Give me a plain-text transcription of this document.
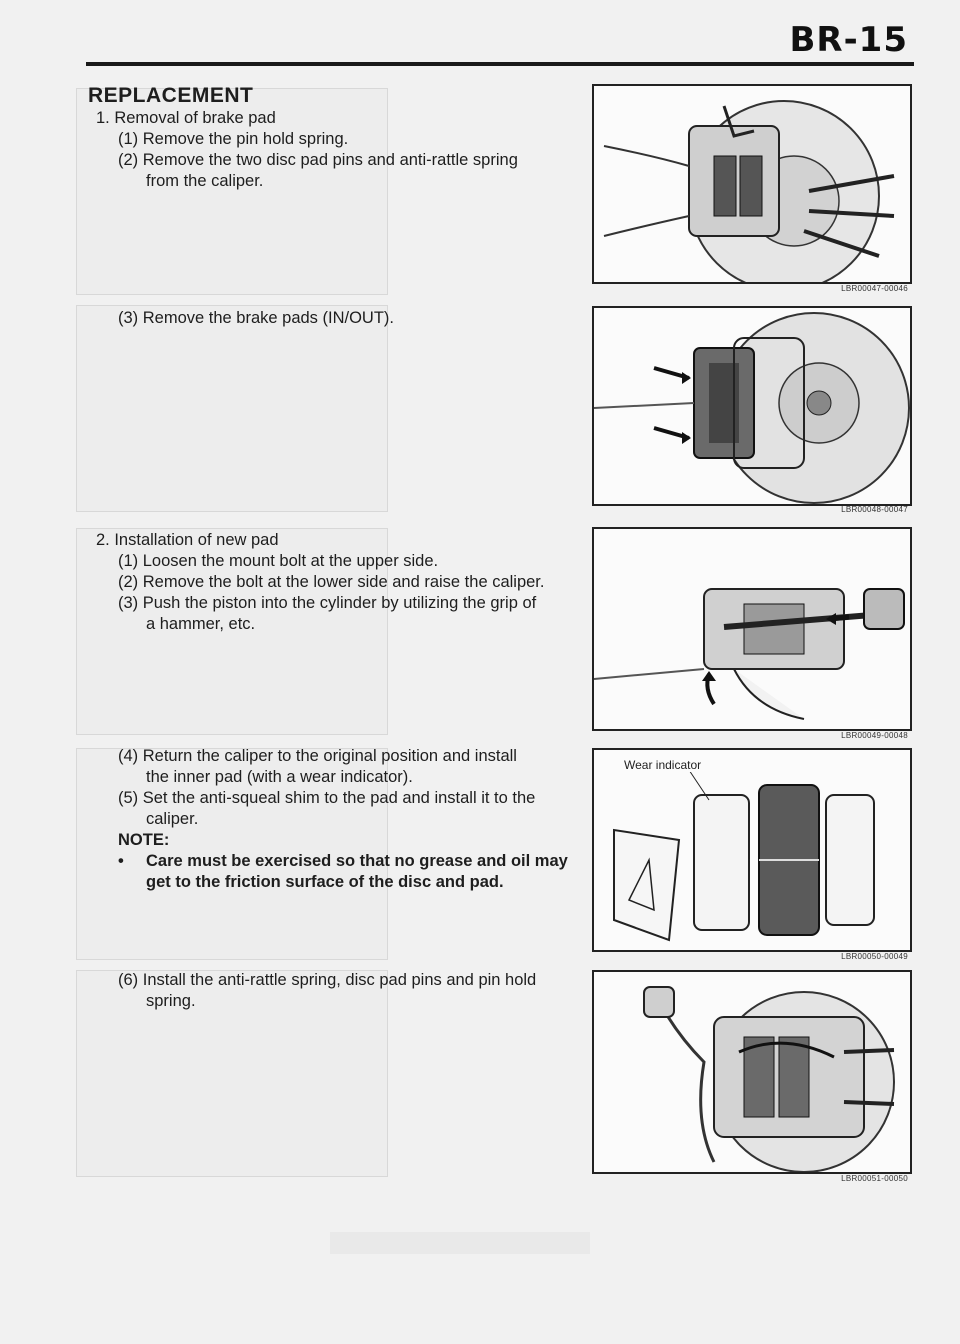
BR-15
REPLACEMENT

1. Removal of brake pad

(1) Remove the pin hold spring.

(2) Remove the two disc pad pins and anti-rattle spring

from the caliper.

(3) Remove the brake pads (IN/OUT).

2. Installation of new pad

(1) Loosen the mount bolt at the upper side.

(2) Remove the bolt at the lower side and raise the caliper.

(3) Push the piston into the cylinder by utilizing the grip of

a hammer, etc.

(4) Return the caliper to the original position and install

the inner pad (with a wear indicator).

(5) Set the anti-squeal shim to the pad and install it to the

caliper.

NOTE:

•	Care must be exercised so that no grease and oil may

get to the friction surface of the disc and pad.

(6) Install the anti-rattle spring, disc pad pins and pin hold

spring.

LBR00047-00046
LBR00048-00047
LBR00049-00048
Wear indicator
LBR00050-00049
LBR00051-00050
